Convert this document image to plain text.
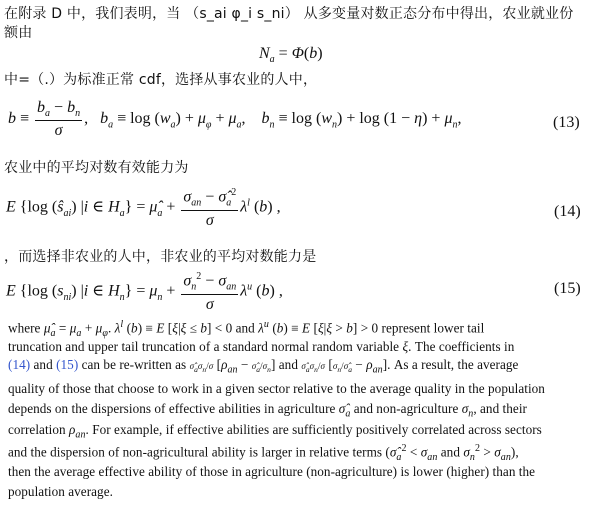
在附录 D 中，我们表明，当 （s_ai φ_i s_ni） 从多变量对数正态分布中得出，农业就业份
额由
$N_a = \Phi(b)$
中=（.）为标准正常 cdf，选择从事农业的人中，
$b \equiv \frac{b_a - b_n}{\sigma}$ ,   $b_a \equiv \log (w_a) + \mu_\varphi + \mu_a$,    $b_n \equiv \log (w_n) + \log (1 - \eta) + \mu_n$,	(13)
农业中的平均对数有效能力为
E {log $(ŝ_{ai})$ |i ∈ $H_a$} = $\mû_a + \frac{\sigma_{an} - \sigmâ_a^2}{\sigma} \lambda^l$ (b) ,	(14)
，而选择非农业的人中，非农业的平均对数能力是
E {log $(s_{ni})$ |i ∈ $H_n\} = \mu_n + \frac{\sigma_n^2 - \sigma_{an}}{\sigma} \lambda^u$ (b) ,	(15)
where $\mû_a = \mu_a + \mu_\varphi$. $\lambda^l$ (b) ≡ E [ξ|ξ ≤ b] < 0 and $\lambda^u$ (b) ≡ E [ξ|ξ > b] > 0 represent lower tail
truncation and upper tail truncation of a standard normal random variable ξ. The coefficients in
(14) and (15) can be re-written as $\sigmâ_a\sigma_n/\sigma$ [$\rho_{an}$ − $\sigmâ_a/\sigma_n$] and $\sigmâ_a\sigma_n/\sigma$ $[\sigma_n/\sigmâ_a - \rho_{an}]$. As a result, the average
quality of those that choose to work in a given sector relative to the average quality in the population
depends on the dispersions of effective abilities in agriculture $\sigmâ_a$ and non-agriculture $\sigma_n$, and their
correlation $\rho_{an}$. For example, if effective abilities are sufficiently positively correlated across sectors
and the dispersion of non-agricultural ability is larger in relative terms ($\sigmâ_a^2 < \sigma_{an}$ and $\sigma_n^2 > \sigma_{an}$),
then the average effective ability of those in agriculture (non-agriculture) is lower (higher) than the
population average.
